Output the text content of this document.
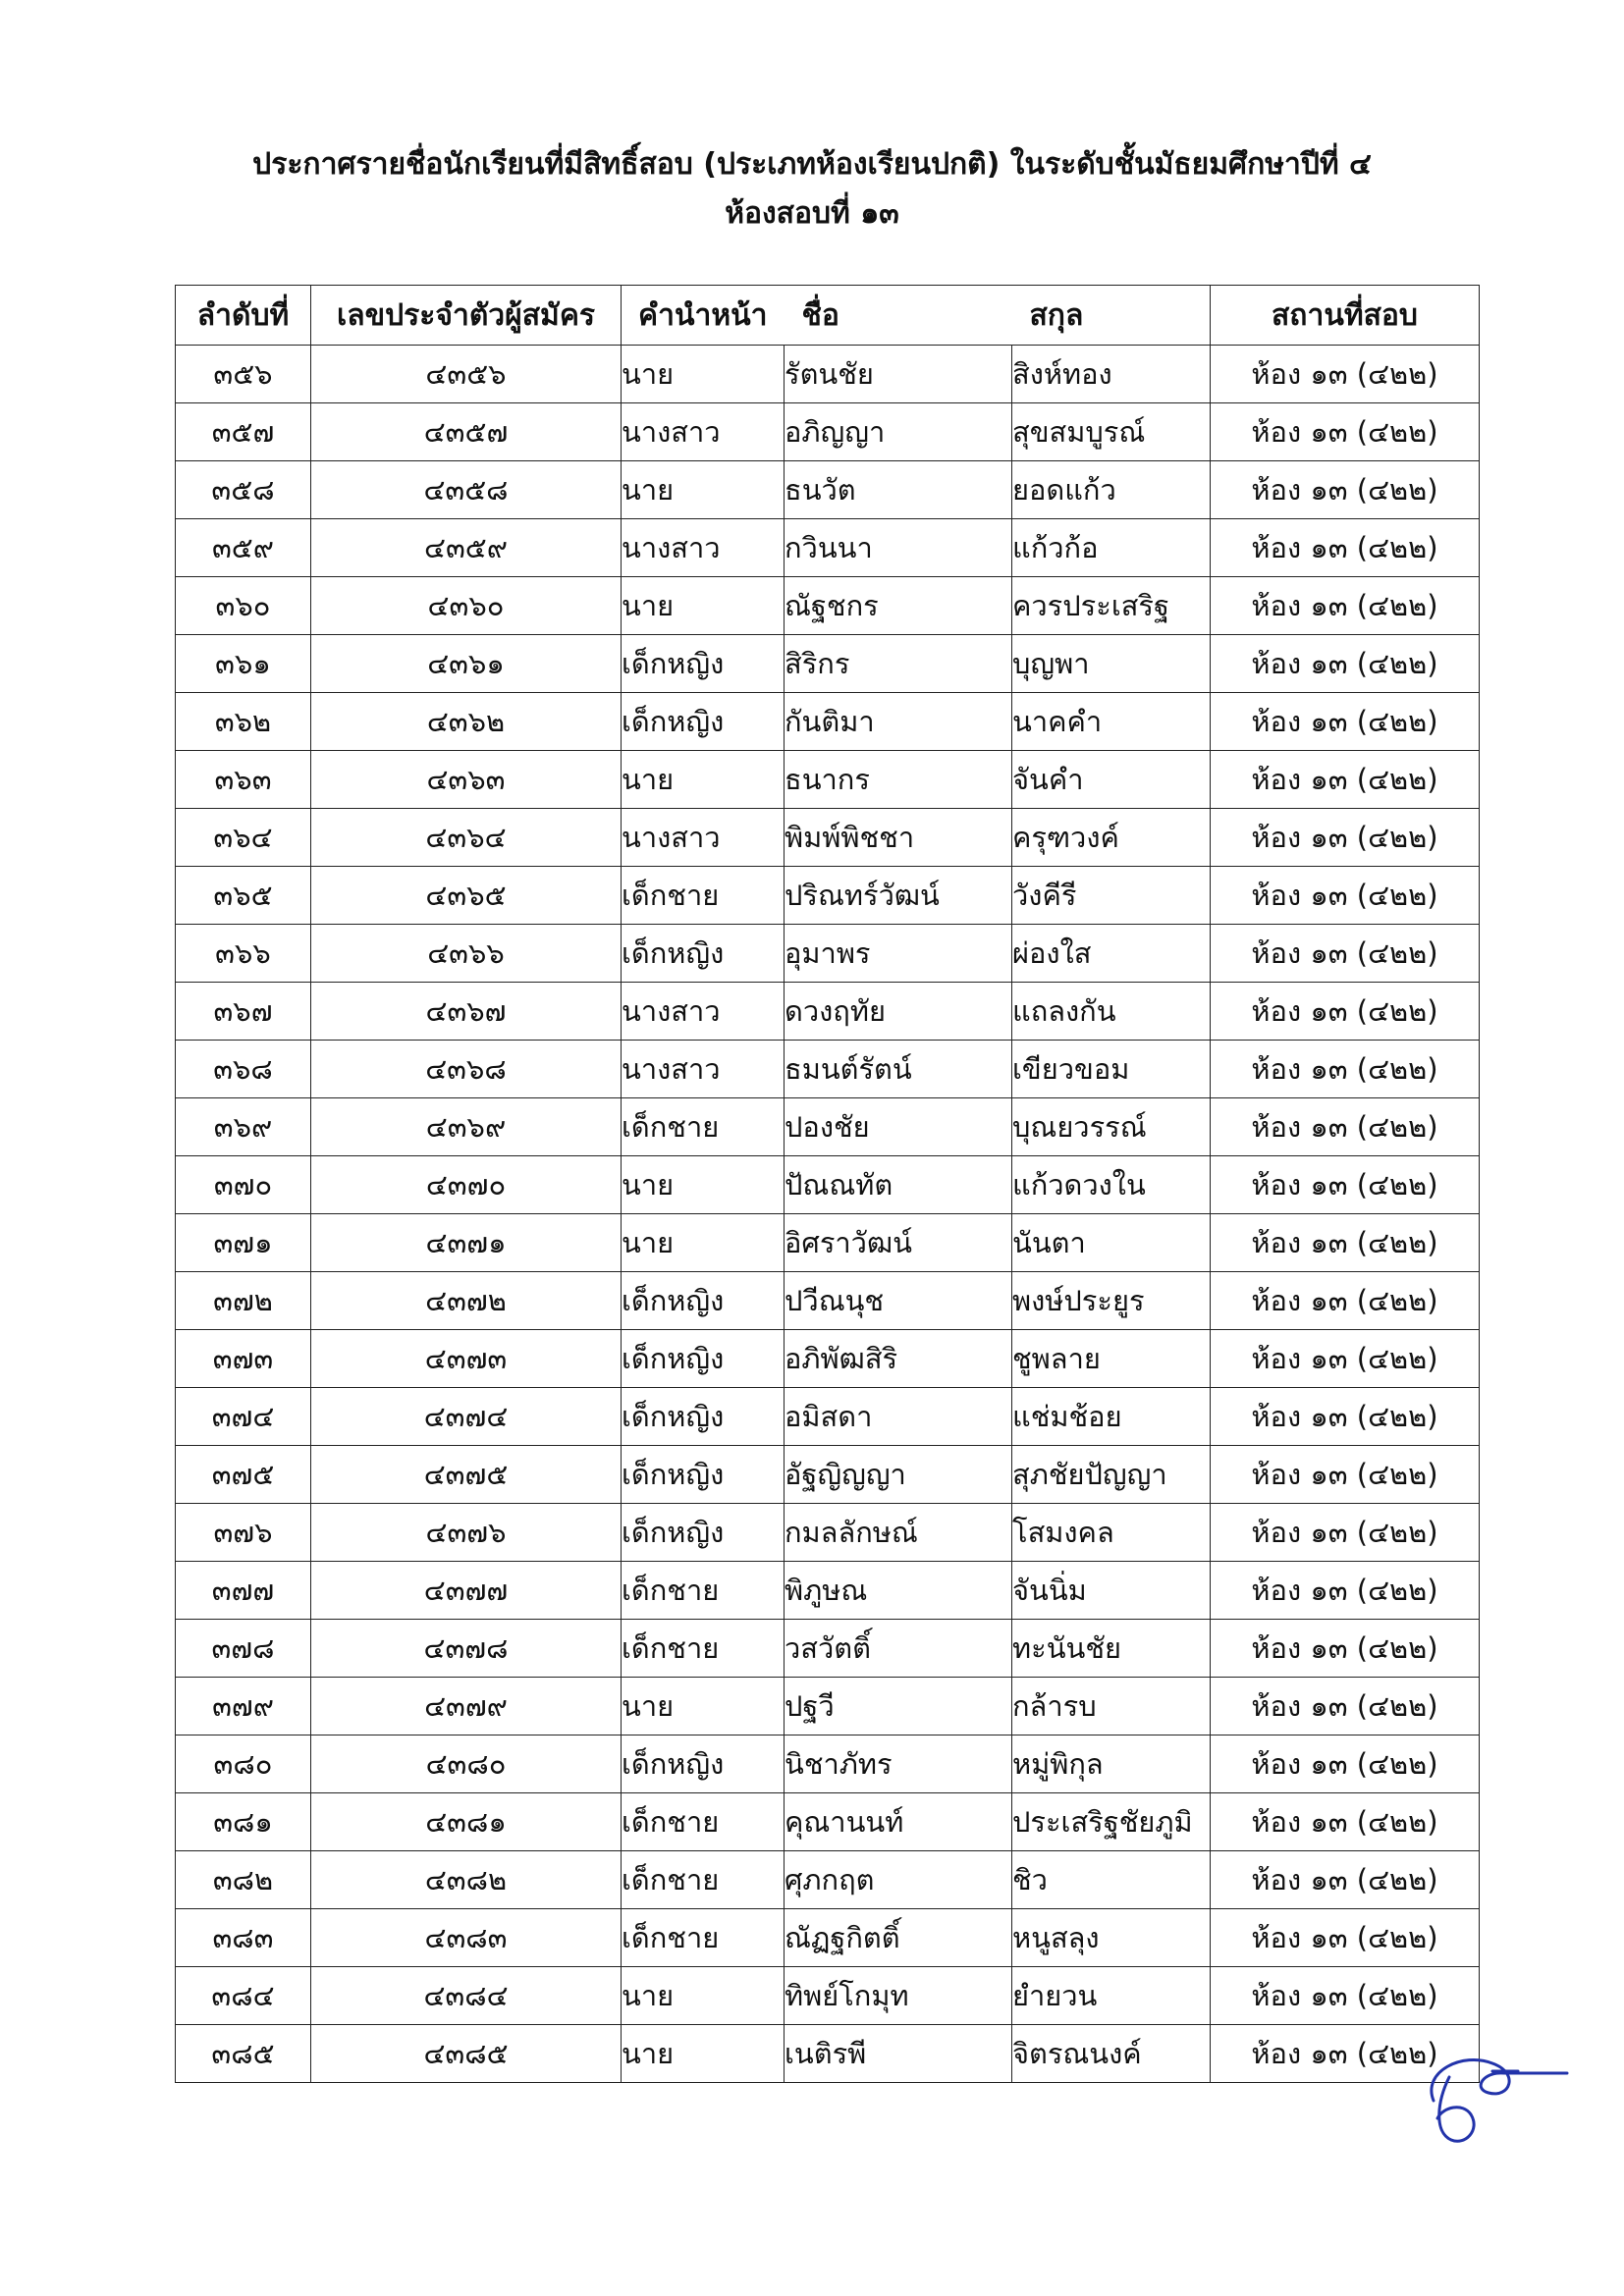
ประกาศรายชื่อนักเรียนที่มีสิทธิ์สอบ (ประเภทห้องเรียนปกติ) ในระดับชั้นมัธยมศึกษาปีที่ ๔
ห้องสอบที่ ๑๓
ลำดับที่	เลขประจำตัวผู้สมัคร	คำนำหน้า	ชื่อ	สกุล	สถานที่สอบ
๓๕๖	๔๓๕๖	นาย	รัตนชัย	สิงห์ทอง	ห้อง ๑๓ (๔๒๒)
๓๕๗	๔๓๕๗	นางสาว	อภิญญา	สุขสมบูรณ์	ห้อง ๑๓ (๔๒๒)
๓๕๘	๔๓๕๘	นาย	ธนวัต	ยอดแก้ว	ห้อง ๑๓ (๔๒๒)
๓๕๙	๔๓๕๙	นางสาว	กวินนา	แก้วก้อ	ห้อง ๑๓ (๔๒๒)
๓๖๐	๔๓๖๐	นาย	ณัฐชกร	ควรประเสริฐ	ห้อง ๑๓ (๔๒๒)
๓๖๑	๔๓๖๑	เด็กหญิง	สิริกร	บุญพา	ห้อง ๑๓ (๔๒๒)
๓๖๒	๔๓๖๒	เด็กหญิง	กันติมา	นาคคำ	ห้อง ๑๓ (๔๒๒)
๓๖๓	๔๓๖๓	นาย	ธนากร	จันคำ	ห้อง ๑๓ (๔๒๒)
๓๖๔	๔๓๖๔	นางสาว	พิมพ์พิชชา	ครุฑวงค์	ห้อง ๑๓ (๔๒๒)
๓๖๕	๔๓๖๕	เด็กชาย	ปริณทร์วัฒน์	วังคีรี	ห้อง ๑๓ (๔๒๒)
๓๖๖	๔๓๖๖	เด็กหญิง	อุมาพร	ผ่องใส	ห้อง ๑๓ (๔๒๒)
๓๖๗	๔๓๖๗	นางสาว	ดวงฤทัย	แถลงกัน	ห้อง ๑๓ (๔๒๒)
๓๖๘	๔๓๖๘	นางสาว	ธมนต์รัตน์	เขียวขอม	ห้อง ๑๓ (๔๒๒)
๓๖๙	๔๓๖๙	เด็กชาย	ปองชัย	บุณยวรรณ์	ห้อง ๑๓ (๔๒๒)
๓๗๐	๔๓๗๐	นาย	ปัณณทัต	แก้วดวงใน	ห้อง ๑๓ (๔๒๒)
๓๗๑	๔๓๗๑	นาย	อิศราวัฒน์	นันตา	ห้อง ๑๓ (๔๒๒)
๓๗๒	๔๓๗๒	เด็กหญิง	ปวีณนุช	พงษ์ประยูร	ห้อง ๑๓ (๔๒๒)
๓๗๓	๔๓๗๓	เด็กหญิง	อภิพัฒสิริ	ชูพลาย	ห้อง ๑๓ (๔๒๒)
๓๗๔	๔๓๗๔	เด็กหญิง	อมิสดา	แช่มช้อย	ห้อง ๑๓ (๔๒๒)
๓๗๕	๔๓๗๕	เด็กหญิง	อัฐญิญญา	สุภชัยปัญญา	ห้อง ๑๓ (๔๒๒)
๓๗๖	๔๓๗๖	เด็กหญิง	กมลลักษณ์	โสมงคล	ห้อง ๑๓ (๔๒๒)
๓๗๗	๔๓๗๗	เด็กชาย	พิภูษณ	จันนิ่ม	ห้อง ๑๓ (๔๒๒)
๓๗๘	๔๓๗๘	เด็กชาย	วสวัตติ์	ทะนันชัย	ห้อง ๑๓ (๔๒๒)
๓๗๙	๔๓๗๙	นาย	ปฐวี	กล้ารบ	ห้อง ๑๓ (๔๒๒)
๓๘๐	๔๓๘๐	เด็กหญิง	นิชาภัทร	หมู่พิกุล	ห้อง ๑๓ (๔๒๒)
๓๘๑	๔๓๘๑	เด็กชาย	คุณานนท์	ประเสริฐชัยภูมิ	ห้อง ๑๓ (๔๒๒)
๓๘๒	๔๓๘๒	เด็กชาย	ศุภกฤต	ชิว	ห้อง ๑๓ (๔๒๒)
๓๘๓	๔๓๘๓	เด็กชาย	ณัฏฐกิตติ์	หนูสลุง	ห้อง ๑๓ (๔๒๒)
๓๘๔	๔๓๘๔	นาย	ทิพย์โกมุท	ยำยวน	ห้อง ๑๓ (๔๒๒)
๓๘๕	๔๓๘๕	นาย	เนติรพี	จิตรณนงค์	ห้อง ๑๓ (๔๒๒)
